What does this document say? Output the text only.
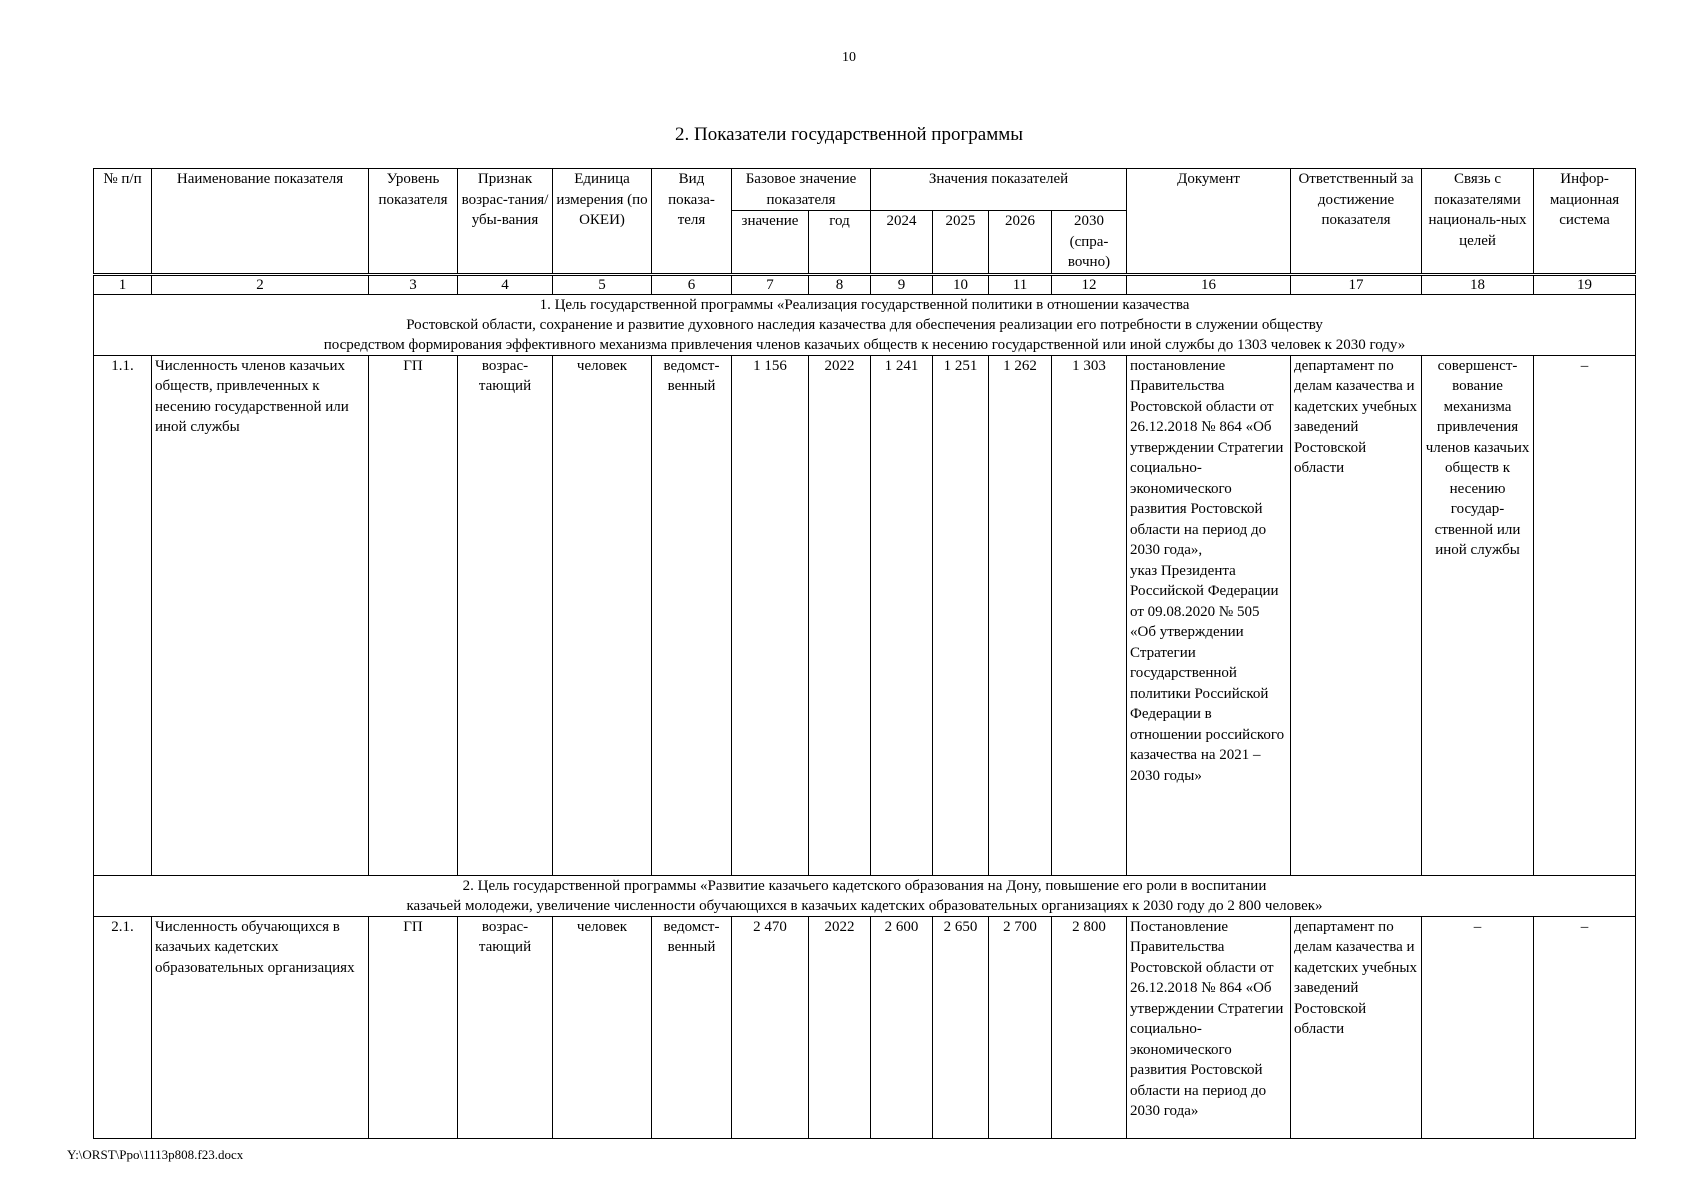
10
2. Показатели государственной программы
№ п/п	Наименование показателя	Уровень показателя	Признак возрас-тания/убы-вания	Единица измерения (по ОКЕИ)	Вид показа-теля	Базовое значение показателя		Значения показателей				Документ	Ответственный за достижение показателя	Связь с показателями националь-ных целей	Инфор-мационная система
						значение	год	2024	2025	2026	2030 (спра-вочно)				
1	2	3	4	5	6	7	8	9	10	11	12	16	17	18	19
1. Цель государственной программы «Реализация государственной политики в отношении казачества
Ростовской области, сохранение и развитие духовного наследия казачества для обеспечения реализации его потребности в служении обществу
посредством формирования эффективного механизма привлечения членов казачьих обществ к несению государственной или иной службы до 1303 человек к 2030 году»															
1.1.	Численность членов казачьих обществ, привлеченных к несению государственной или иной службы	ГП	возрас-тающий	человек	ведомст-венный	1 156	2022	1 241	1 251	1 262	1 303	постановление Правительства Ростовской области от 26.12.2018 № 864 «Об утверждении Стратегии социально-экономического развития Ростовской области на период до 2030 года»,
указ Президента Российской Федерации от 09.08.2020 № 505 «Об утверждении Стратегии государственной политики Российской Федерации в отношении российского казачества на 2021 – 2030 годы»	департамент по делам казачества и кадетских учебных заведений Ростовской области	совершенст-вование механизма привлечения членов казачьих обществ к несению государ-ственной или иной службы	–
2. Цель государственной программы «Развитие казачьего кадетского образования на Дону, повышение его роли в воспитании
казачьей молодежи, увеличение численности обучающихся в казачьих кадетских образовательных организациях к 2030 году до 2 800 человек»															
2.1.	Численность обучающихся в казачьих кадетских образовательных организациях	ГП	возрас-тающий	человек	ведомст-венный	2 470	2022	2 600	2 650	2 700	2 800	Постановление Правительства Ростовской области от 26.12.2018 № 864 «Об утверждении Стратегии социально-экономического развития Ростовской области на период до 2030 года»	департамент по делам казачества и кадетских учебных заведений Ростовской области	–	–
Y:\ORST\Ppo\1113p808.f23.docx
